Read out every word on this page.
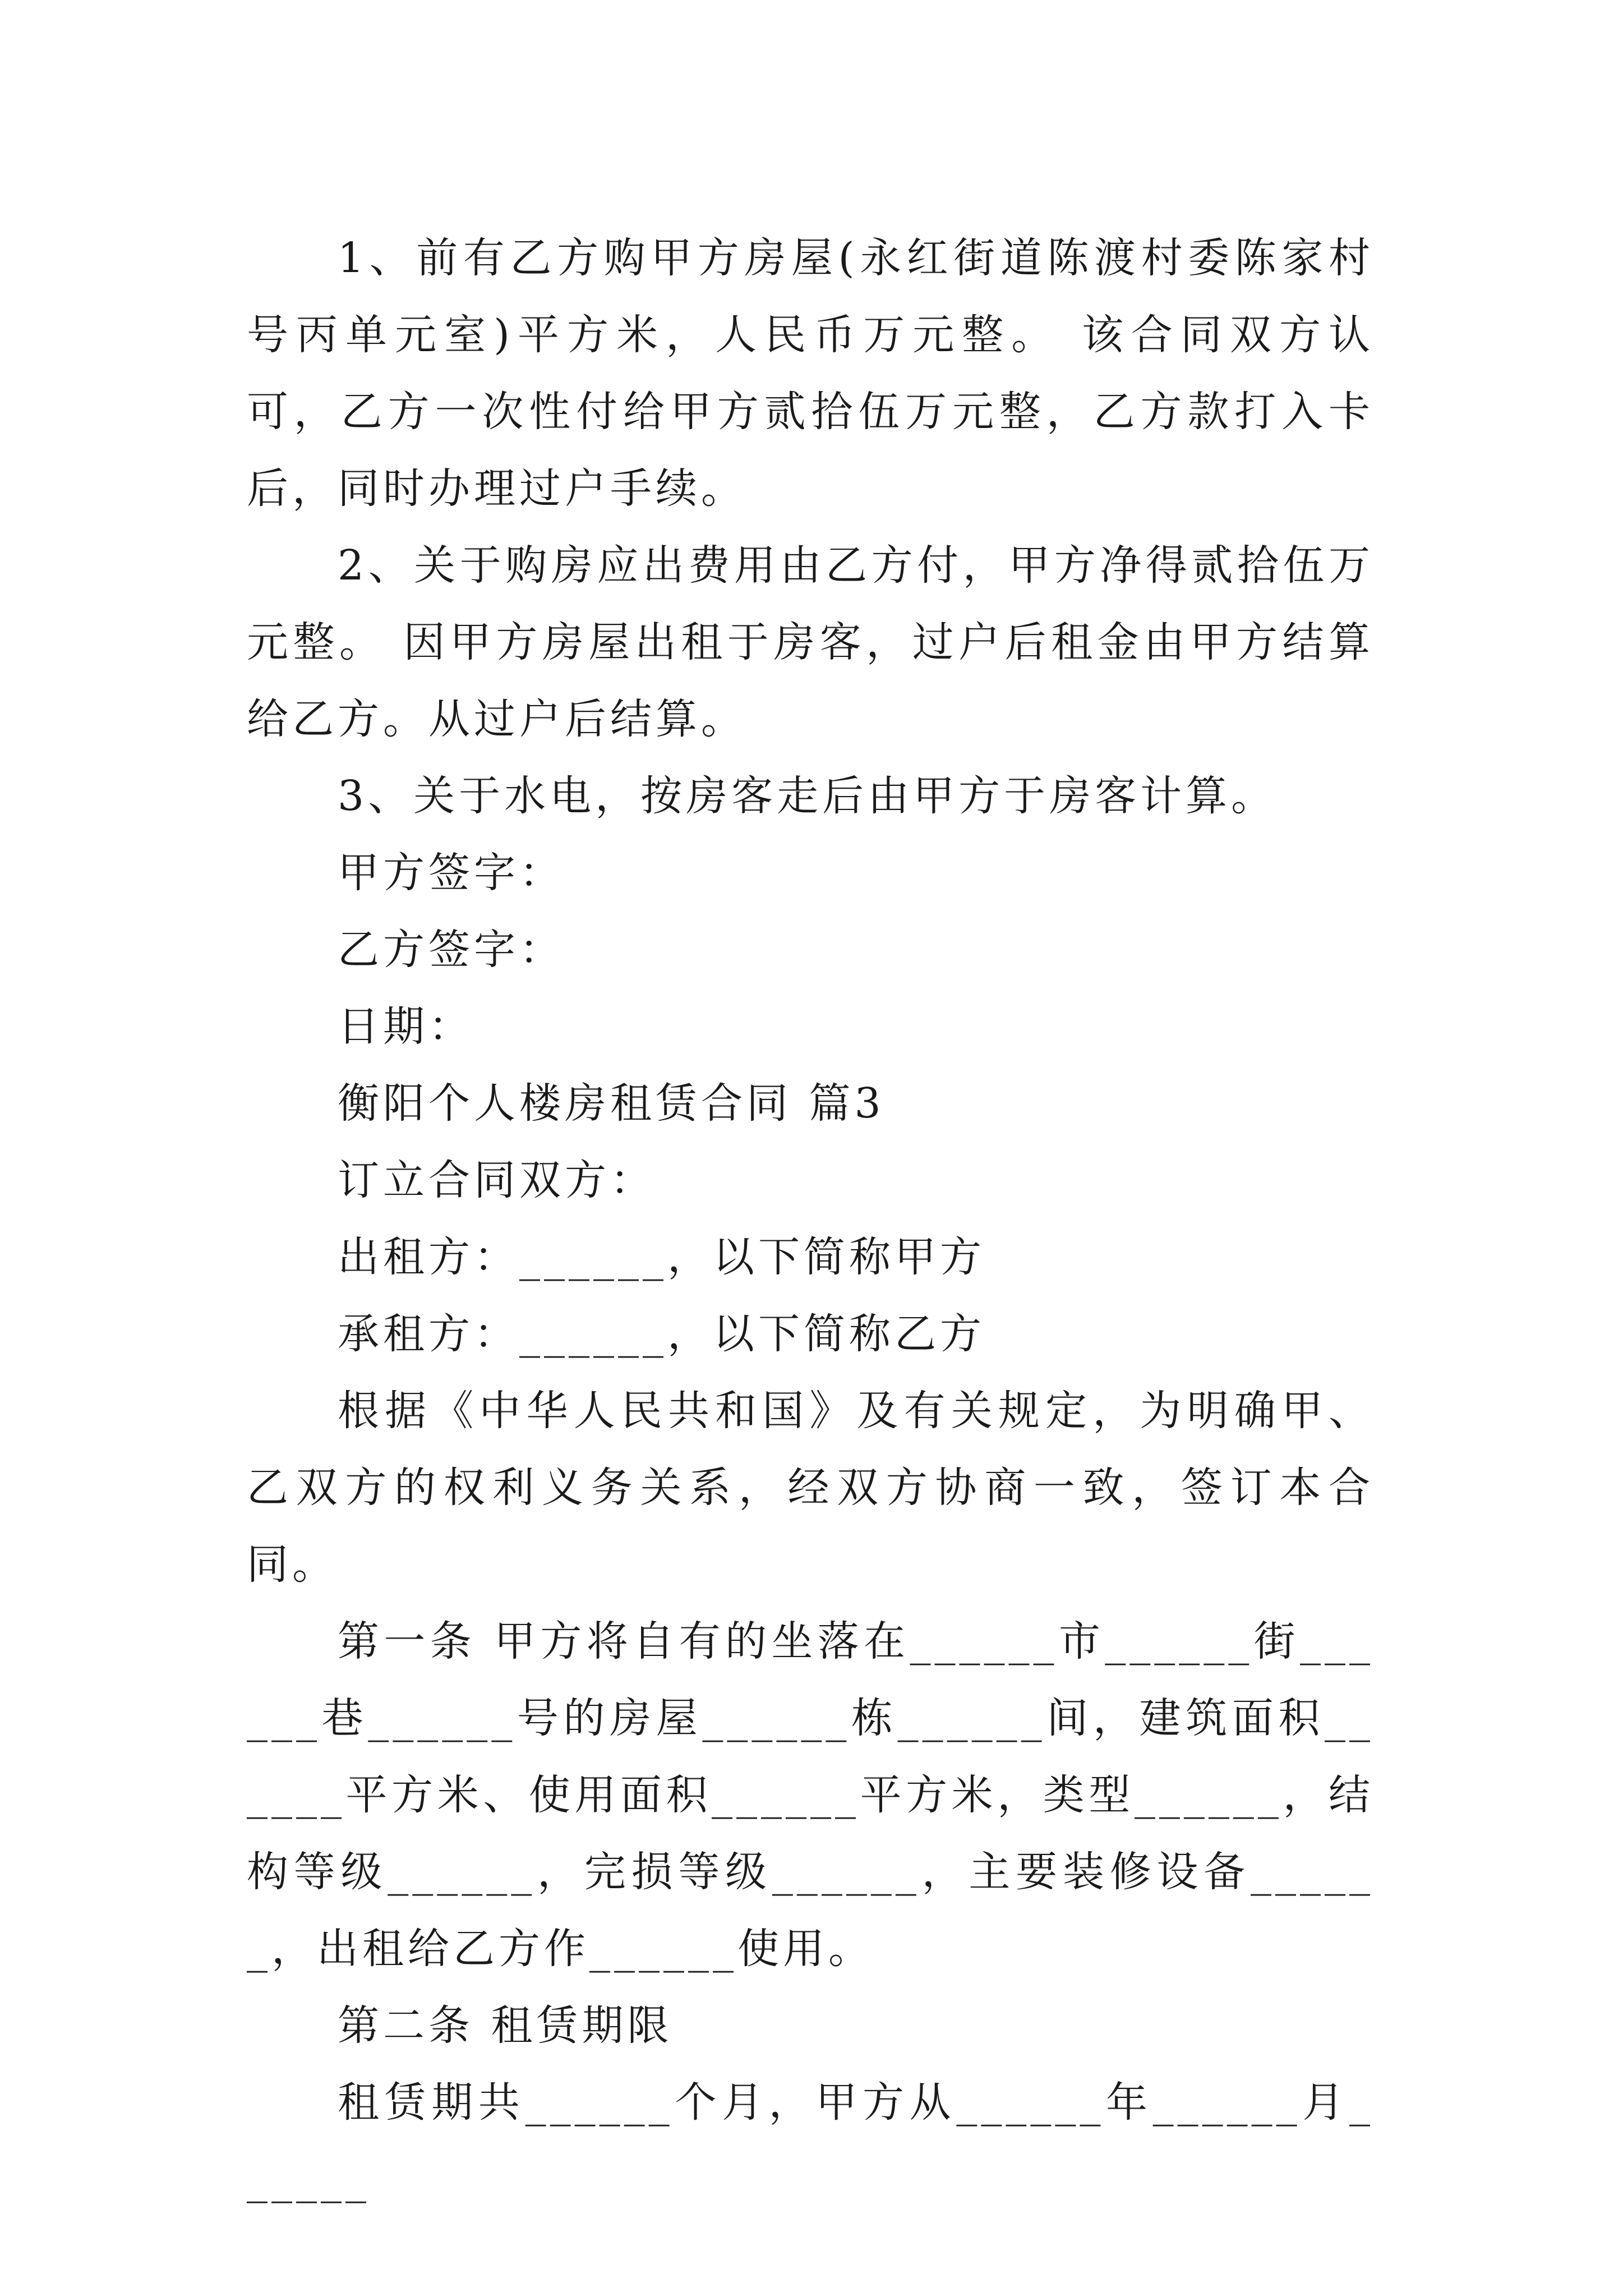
1、前有乙方购甲方房屋(永红街道陈渡村委陈家村号丙单元室)平方米，人民币万元整。 该合同双方认可，乙方一次性付给甲方贰拾伍万元整，乙方款打入卡后，同时办理过户手续。

2、关于购房应出费用由乙方付，甲方净得贰拾伍万元整。 因甲方房屋出租于房客，过户后租金由甲方结算给乙方。从过户后结算。

3、关于水电，按房客走后由甲方于房客计算。

甲方签字：

乙方签字：

日期：

衡阳个人楼房租赁合同 篇3

订立合同双方：

出租方：______，以下简称甲方

承租方：______，以下简称乙方

根据《中华人民共和国》及有关规定，为明确甲、乙双方的权利义务关系，经双方协商一致，签订本合同。

第一条 甲方将自有的坐落在______市______街______巷______号的房屋______栋______间，建筑面积______平方米、使用面积______平方米，类型______，结构等级______，完损等级______，主要装修设备______，出租给乙方作______使用。

第二条 租赁期限

租赁期共______个月，甲方从______年______月______
